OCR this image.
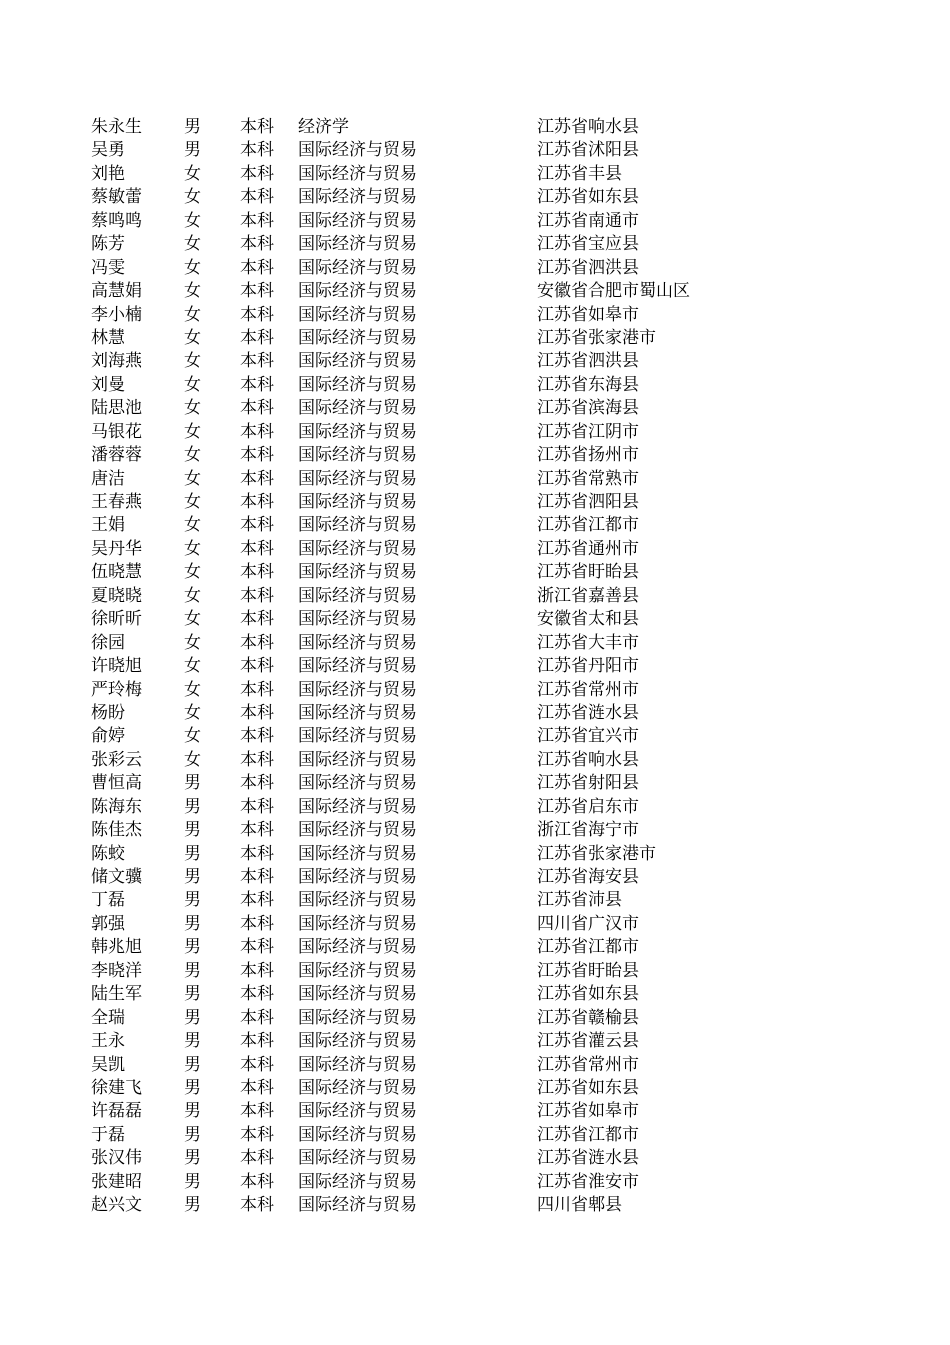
朱永生 男 本科 经济学	江苏省响水县
吴勇	男 本科 国际经济与贸易	江苏省沭阳县
刘艳	女 本科 国际经济与贸易	江苏省丰县
蔡敏蕾 女 本科 国际经济与贸易	江苏省如东县
蔡鸣鸣 女 本科 国际经济与贸易	江苏省南通市
陈芳	女 本科 国际经济与贸易	江苏省宝应县
冯雯	女 本科 国际经济与贸易	江苏省泗洪县
高慧娟 女 本科 国际经济与贸易	安徽省合肥市蜀山区
李小楠 女 本科 国际经济与贸易	江苏省如皋市
林慧	女 本科 国际经济与贸易	江苏省张家港市
刘海燕 女 本科 国际经济与贸易	江苏省泗洪县
刘曼	女 本科 国际经济与贸易	江苏省东海县
陆思池 女 本科 国际经济与贸易	江苏省滨海县
马银花 女 本科 国际经济与贸易	江苏省江阴市
潘蓉蓉 女 本科 国际经济与贸易	江苏省扬州市
唐洁	女 本科 国际经济与贸易	江苏省常熟市
王春燕 女 本科 国际经济与贸易	江苏省泗阳县
王娟	女 本科 国际经济与贸易	江苏省江都市
吴丹华 女 本科 国际经济与贸易	江苏省通州市
伍晓慧 女 本科 国际经济与贸易	江苏省盱眙县
夏晓晓 女 本科 国际经济与贸易	浙江省嘉善县
徐昕昕 女 本科 国际经济与贸易	安徽省太和县
徐园	女 本科 国际经济与贸易	江苏省大丰市
许晓旭 女 本科 国际经济与贸易	江苏省丹阳市
严玲梅 女 本科 国际经济与贸易	江苏省常州市
杨盼	女 本科 国际经济与贸易	江苏省涟水县
俞婷	女 本科 国际经济与贸易	江苏省宜兴市
张彩云 女 本科 国际经济与贸易	江苏省响水县
曹恒高 男 本科 国际经济与贸易	江苏省射阳县
陈海东 男 本科 国际经济与贸易	江苏省启东市
陈佳杰 男 本科 国际经济与贸易	浙江省海宁市
陈蛟	男 本科 国际经济与贸易	江苏省张家港市
储文骥 男 本科 国际经济与贸易	江苏省海安县
丁磊	男 本科 国际经济与贸易	江苏省沛县
郭强	男 本科 国际经济与贸易	四川省广汉市
韩兆旭 男 本科 国际经济与贸易	江苏省江都市
李晓洋 男 本科 国际经济与贸易	江苏省盱眙县
陆生军 男 本科 国际经济与贸易	江苏省如东县
全瑞	男 本科 国际经济与贸易	江苏省赣榆县
王永	男 本科 国际经济与贸易	江苏省灌云县
吴凯	男 本科 国际经济与贸易	江苏省常州市
徐建飞 男 本科 国际经济与贸易	江苏省如东县
许磊磊 男 本科 国际经济与贸易	江苏省如皋市
于磊	男 本科 国际经济与贸易	江苏省江都市
张汉伟 男 本科 国际经济与贸易	江苏省涟水县
张建昭 男 本科 国际经济与贸易	江苏省淮安市
赵兴文 男 本科 国际经济与贸易	四川省郫县
